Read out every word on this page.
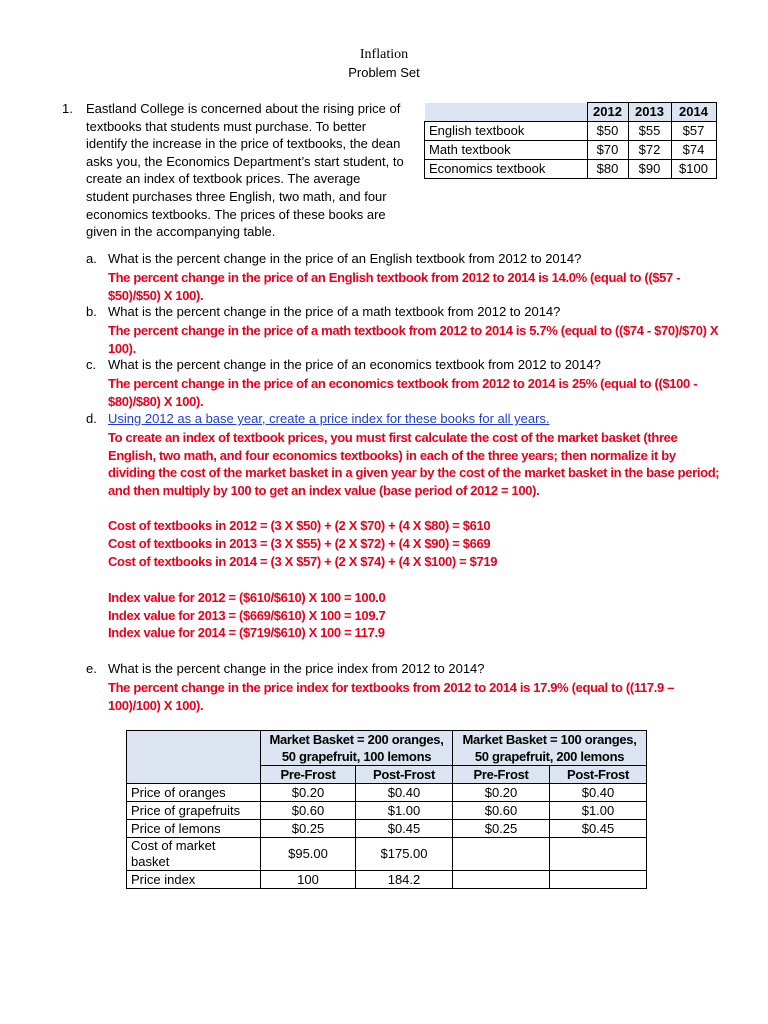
Inflation
Problem Set
1. Eastland College is concerned about the rising price of textbooks that students must purchase. To better identify the increase in the price of textbooks, the dean asks you, the Economics Department’s start student, to create an index of textbook prices. The average student purchases three English, two math, and four economics textbooks. The prices of these books are given in the accompanying table.
	2012	2013	2014
English textbook	$50	$55	$57
Math textbook	$70	$72	$74
Economics textbook	$80	$90	$100
a. What is the percent change in the price of an English textbook from 2012 to 2014?
The percent change in the price of an English textbook from 2012 to 2014 is 14.0% (equal to (($57 - $50)/$50) X 100).
b. What is the percent change in the price of a math textbook from 2012 to 2014?
The percent change in the price of a math textbook from 2012 to 2014 is 5.7% (equal to (($74 - $70)/$70) X 100).
c. What is the percent change in the price of an economics textbook from 2012 to 2014?
The percent change in the price of an economics textbook from 2012 to 2014 is 25% (equal to (($100 - $80)/$80) X 100).
d. Using 2012 as a base year, create a price index for these books for all years.
To create an index of textbook prices, you must first calculate the cost of the market basket (three English, two math, and four economics textbooks) in each of the three years; then normalize it by dividing the cost of the market basket in a given year by the cost of the market basket in the base period; and then multiply by 100 to get an index value (base period of 2012 = 100).
Cost of textbooks in 2012 = (3 X $50) + (2 X $70) + (4 X $80) = $610
Cost of textbooks in 2013 = (3 X $55) + (2 X $72) + (4 X $90) = $669
Cost of textbooks in 2014 = (3 X $57) + (2 X $74) + (4 X $100) = $719
Index value for 2012 = ($610/$610) X 100 = 100.0
Index value for 2013 = ($669/$610) X 100 = 109.7
Index value for 2014 = ($719/$610) X 100 = 117.9
e. What is the percent change in the price index from 2012 to 2014?
The percent change in the price index for textbooks from 2012 to 2014 is 17.9% (equal to ((117.9 – 100)/100) X 100).
	Market Basket = 200 oranges, 50 grapefruit, 100 lemons		Market Basket = 100 oranges, 50 grapefruit, 200 lemons	
	Pre-Frost	Post-Frost	Pre-Frost	Post-Frost
Price of oranges	$0.20	$0.40	$0.20	$0.40
Price of grapefruits	$0.60	$1.00	$0.60	$1.00
Price of lemons	$0.25	$0.45	$0.25	$0.45
Cost of market basket	$95.00	$175.00		
Price index	100	184.2		
